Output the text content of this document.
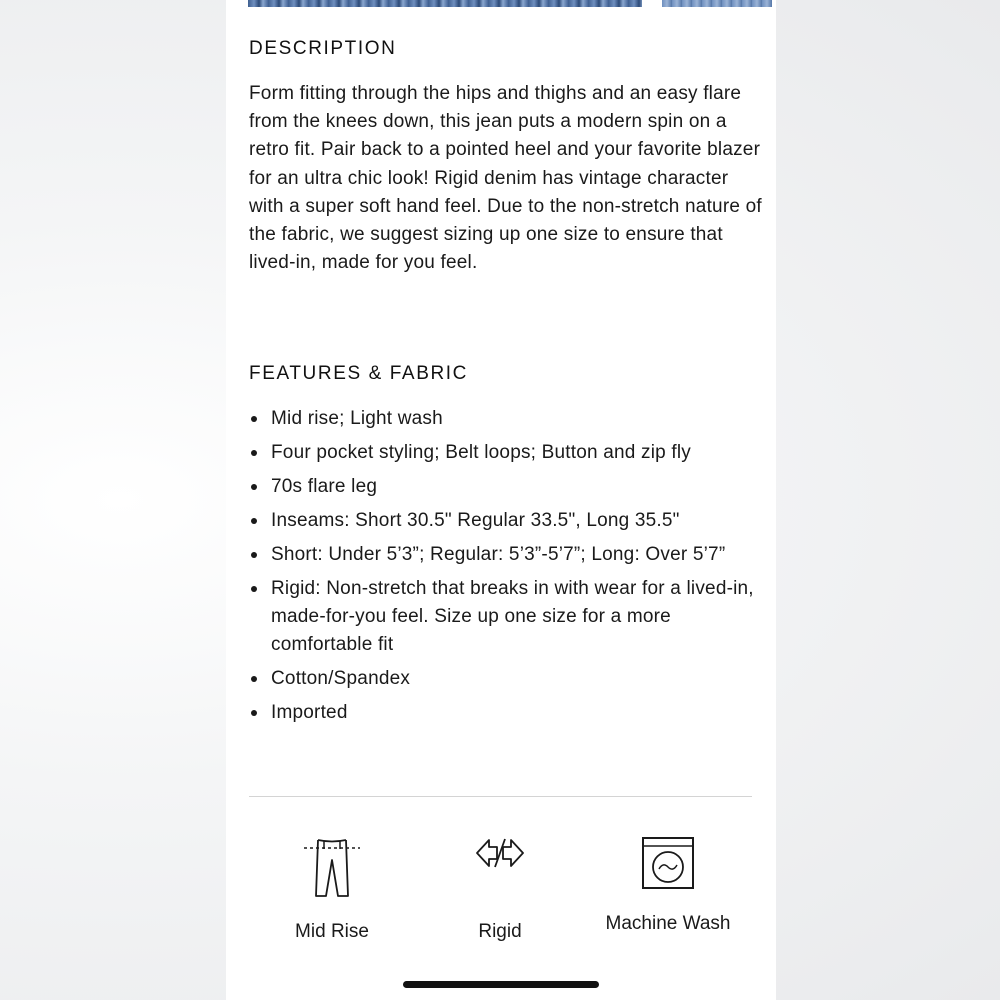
DESCRIPTION

Form fitting through the hips and thighs and an easy flare from the knees down, this jean puts a modern spin on a retro fit. Pair back to a pointed heel and your favorite blazer for an ultra chic look! Rigid denim has vintage character with a super soft hand feel. Due to the non-stretch nature of the fabric, we suggest sizing up one size to ensure that lived-in, made for you feel.

FEATURES & FABRIC
Mid rise; Light wash
Four pocket styling; Belt loops; Button and zip fly
70s flare leg
Inseams: Short 30.5" Regular 33.5", Long 35.5"
Short: Under 5’3”; Regular: 5’3”-5’7”; Long: Over 5’7”
Rigid: Non-stretch that breaks in with wear for a lived-in, made-for-you feel. Size up one size for a more comfortable fit
Cotton/Spandex
Imported
Mid Rise	Rigid	Machine Wash
